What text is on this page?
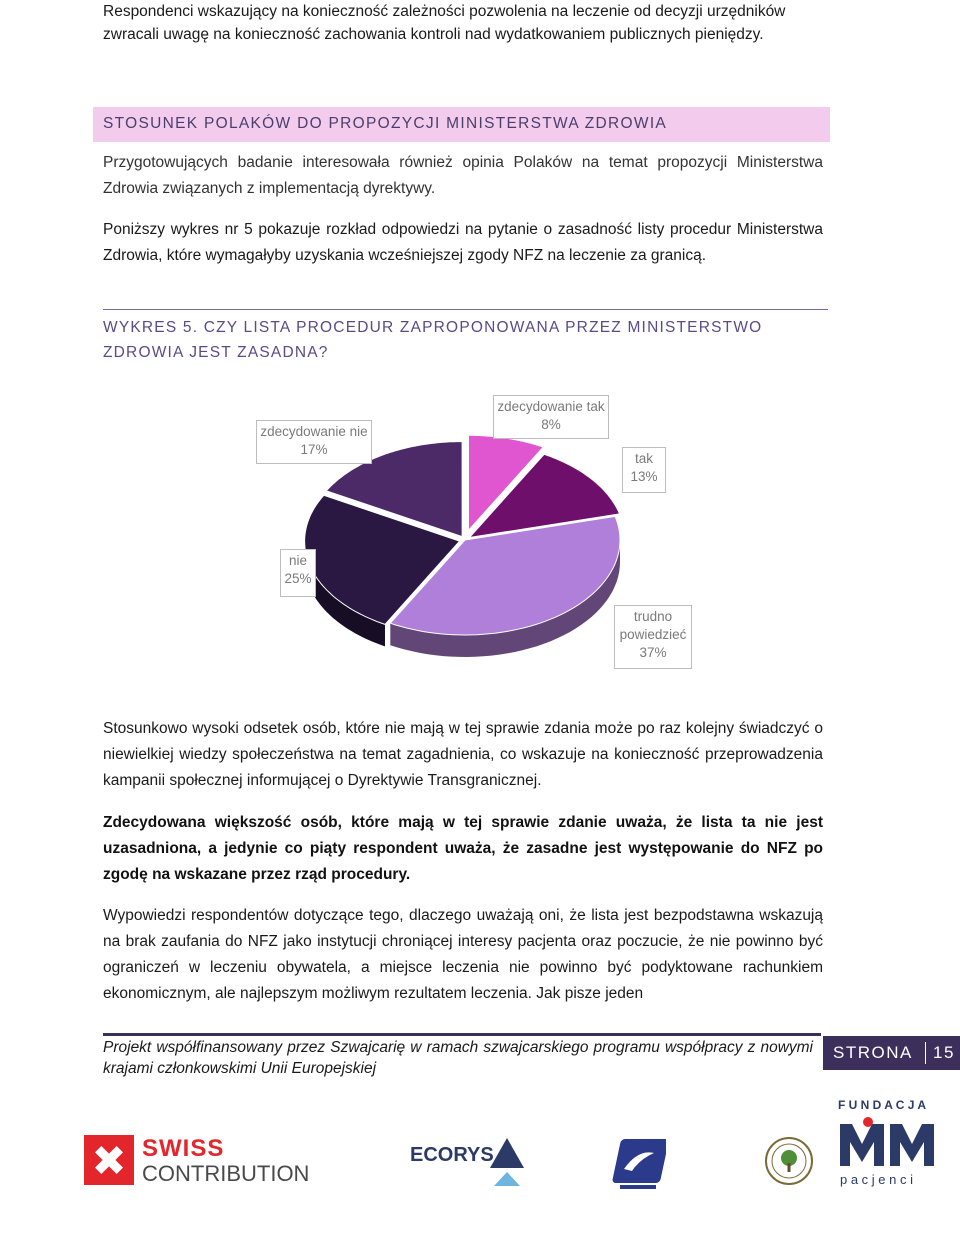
Respondenci wskazujący na konieczność zależności pozwolenia na leczenie od decyzji urzędników
zwracali uwagę na konieczność zachowania kontroli nad wydatkowaniem publicznych pieniędzy.
STOSUNEK POLAKÓW DO PROPOZYCJI MINISTERSTWA ZDROWIA
Przygotowujących badanie interesowała również opinia Polaków na temat propozycji Ministerstwa Zdrowia związanych z implementacją dyrektywy.
Poniższy wykres nr 5 pokazuje rozkład odpowiedzi na pytanie o zasadność listy procedur Ministerstwa Zdrowia, które wymagałyby uzyskania wcześniejszej zgody NFZ na leczenie za granicą.
WYKRES 5. CZY LISTA PROCEDUR ZAPROPONOWANA PRZEZ MINISTERSTWO ZDROWIA JEST ZASADNA?
zdecydowanie tak
8%
zdecydowanie nie
17%
tak
13%
nie
25%
trudno
powiedzieć
37%
Stosunkowo wysoki odsetek osób, które nie mają w tej sprawie zdania może po raz kolejny świadczyć o niewielkiej wiedzy społeczeństwa na temat zagadnienia, co wskazuje na konieczność przeprowadzenia kampanii społecznej informującej o Dyrektywie Transgranicznej.
Zdecydowana większość osób, które mają w tej sprawie zdanie uważa, że lista ta nie jest uzasadniona, a jedynie co piąty respondent uważa, że zasadne jest występowanie do NFZ po zgodę na wskazane przez rząd procedury.
Wypowiedzi respondentów dotyczące tego, dlaczego uważają oni, że lista jest bezpodstawna wskazują na brak zaufania do NFZ jako instytucji chroniącej interesy pacjenta oraz poczucie, że nie powinno być ograniczeń w leczeniu obywatela, a miejsce leczenia nie powinno być podyktowane rachunkiem ekonomicznym, ale najlepszym możliwym rezultatem leczenia. Jak pisze jeden
Projekt współfinansowany przez Szwajcarię w ramach szwajcarskiego programu współpracy z nowymi krajami członkowskimi Unii Europejskiej
STRONA 15
SWISS
CONTRIBUTION
ECORYS
F U N D A C J A
p a c j e n c i
